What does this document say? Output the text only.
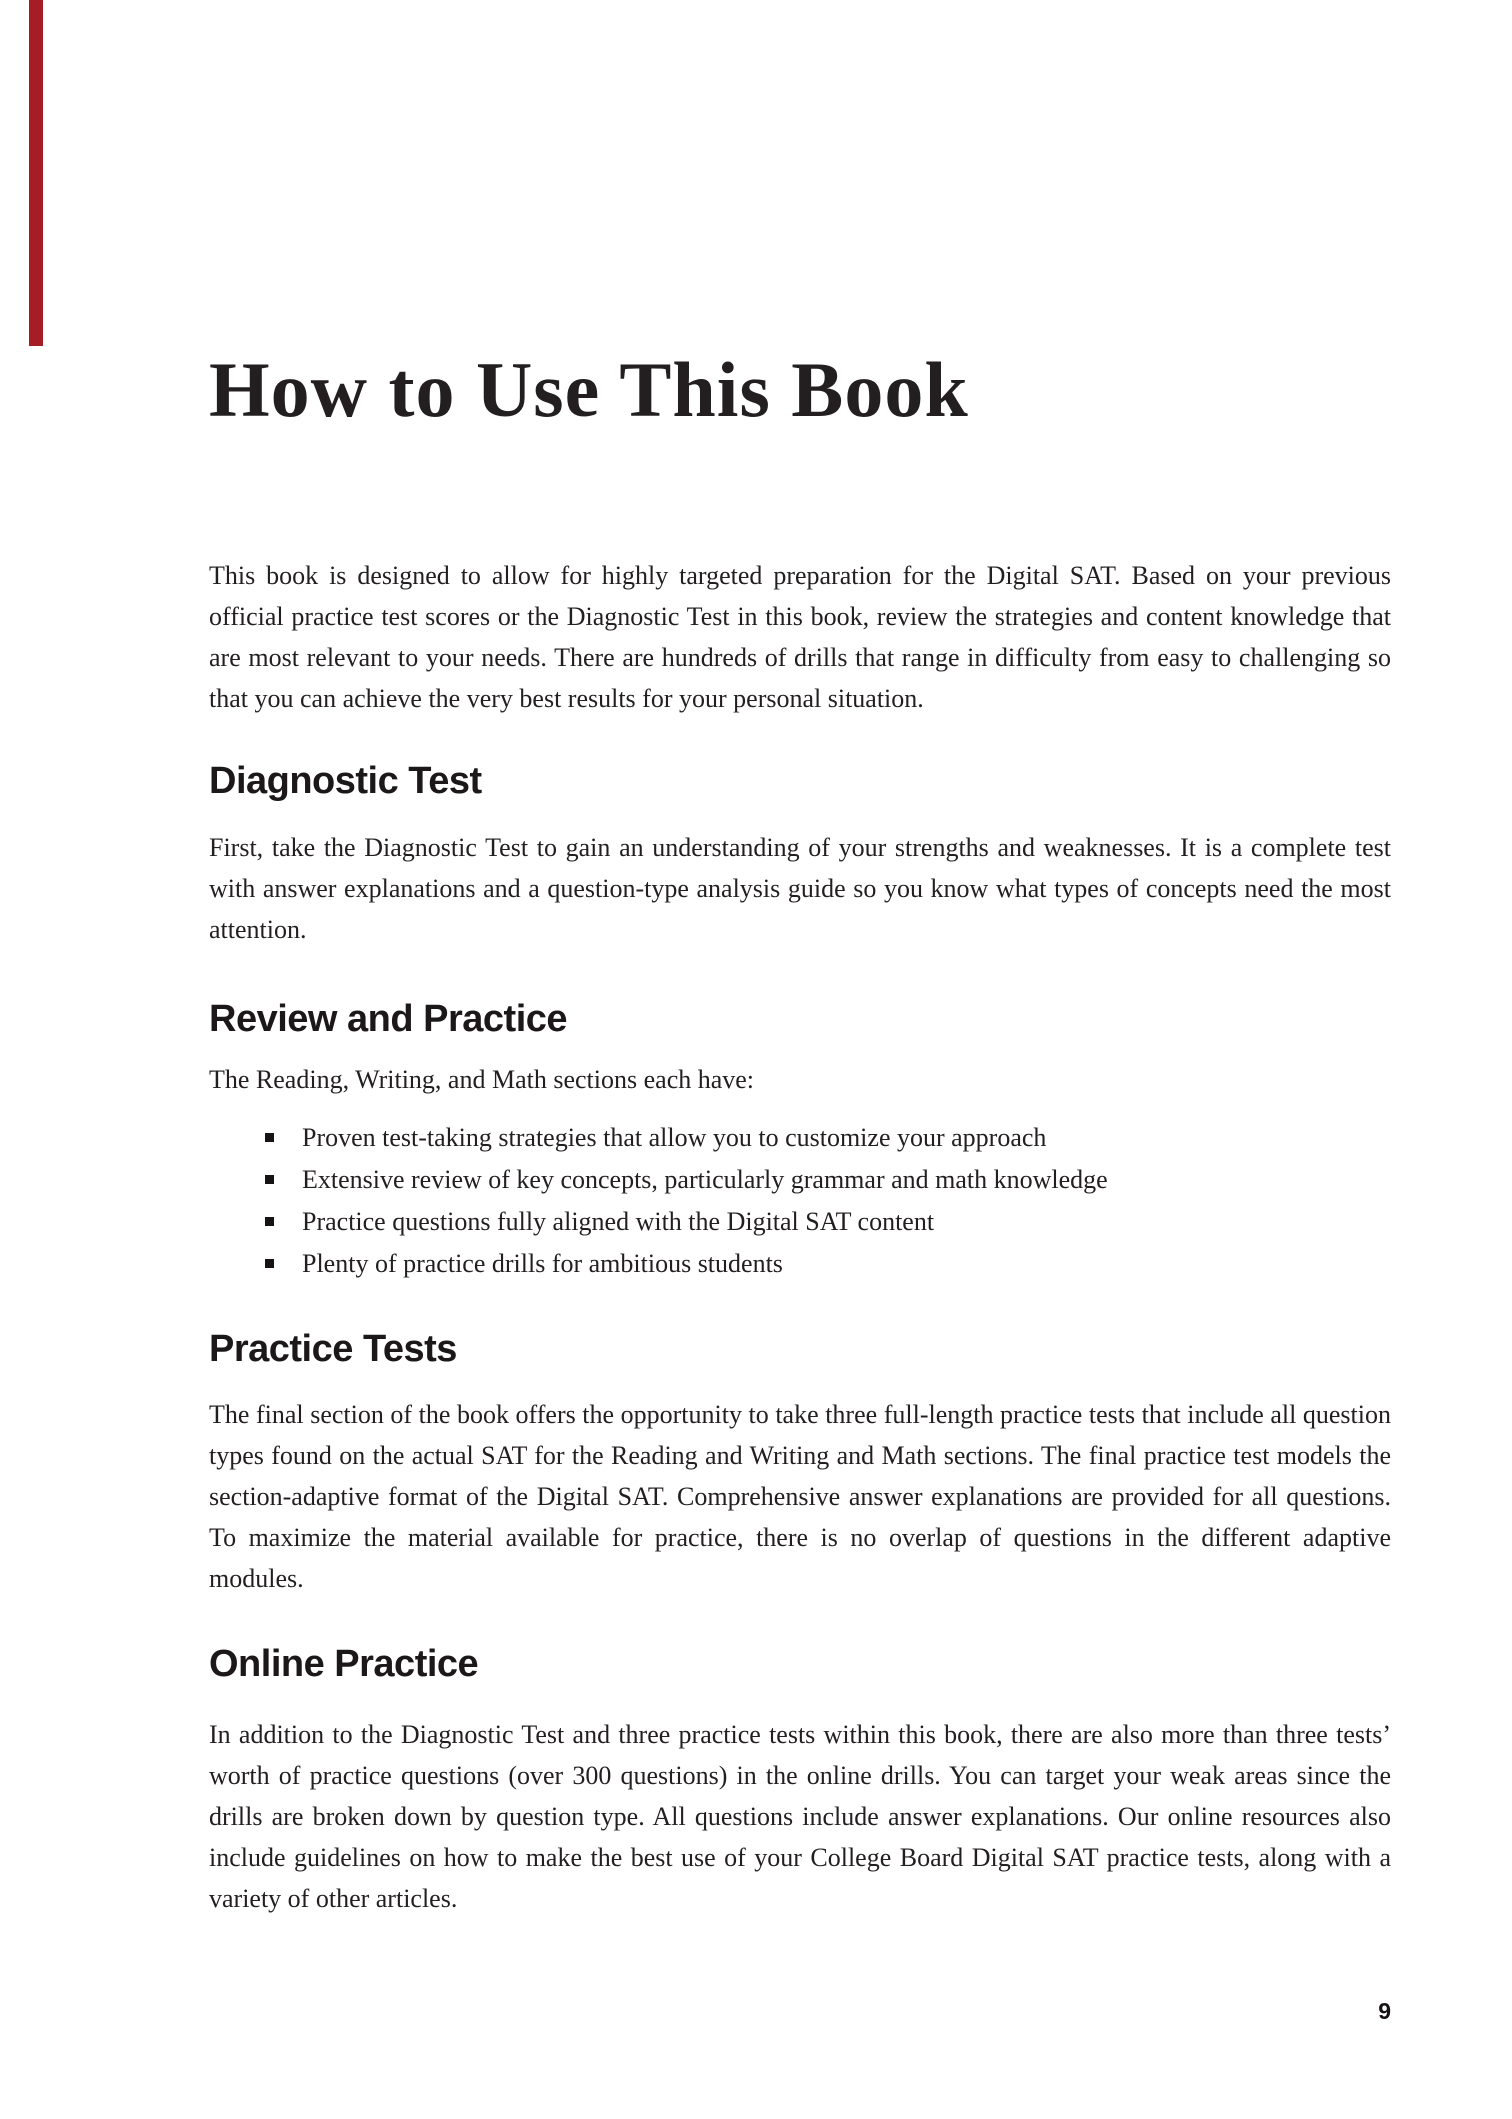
How to Use This Book

This book is designed to allow for highly targeted preparation for the Digital SAT. Based on your previous official practice test scores or the Diagnostic Test in this book, review the strategies and content knowledge that are most relevant to your needs. There are hundreds of drills that range in difficulty from easy to challenging so that you can achieve the very best results for your personal situation.

Diagnostic Test

First, take the Diagnostic Test to gain an understanding of your strengths and weaknesses. It is a complete test with answer explanations and a question-type analysis guide so you know what types of concepts need the most attention.

Review and Practice

The Reading, Writing, and Math sections each have:

Proven test-taking strategies that allow you to customize your approach
Extensive review of key concepts, particularly grammar and math knowledge
Practice questions fully aligned with the Digital SAT content
Plenty of practice drills for ambitious students
Practice Tests

The final section of the book offers the opportunity to take three full-length practice tests that include all question types found on the actual SAT for the Reading and Writing and Math sections. The final practice test models the section-adaptive format of the Digital SAT. Comprehensive answer explanations are provided for all questions. To maximize the material available for practice, there is no overlap of questions in the different adaptive modules.

Online Practice

In addition to the Diagnostic Test and three practice tests within this book, there are also more than three tests’ worth of practice questions (over 300 questions) in the online drills. You can target your weak areas since the drills are broken down by question type. All questions include answer explanations. Our online resources also include guidelines on how to make the best use of your College Board Digital SAT practice tests, along with a variety of other articles.

9
